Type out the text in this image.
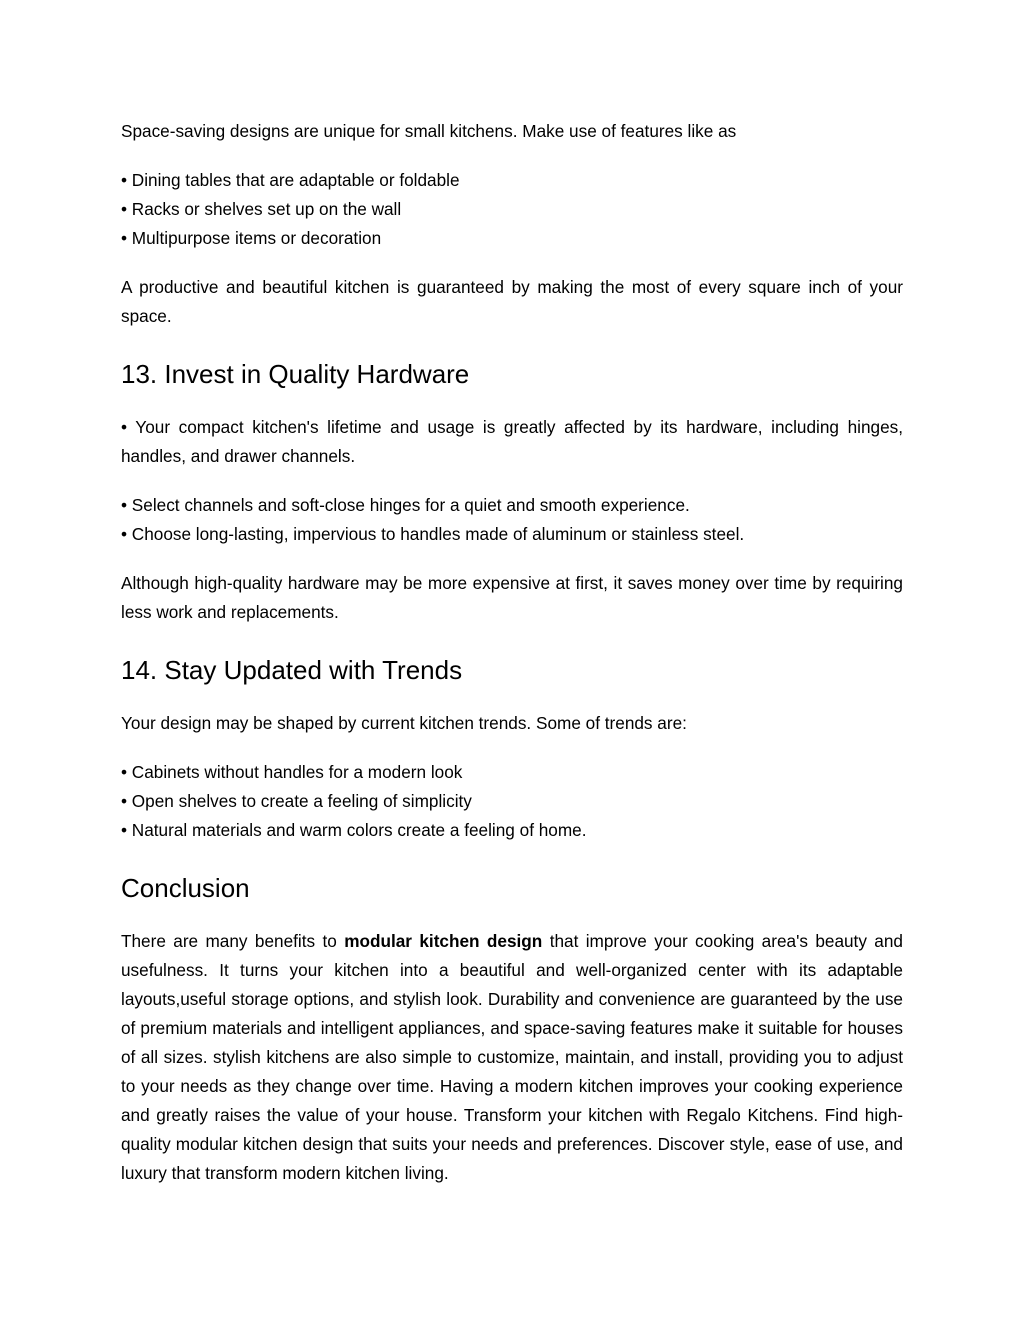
Space-saving designs are unique for small kitchens. Make use of features like as

• Dining tables that are adaptable or foldable
• Racks or shelves set up on the wall
• Multipurpose items or decoration

A productive and beautiful kitchen is guaranteed by making the most of every square inch of your space.

13. Invest in Quality Hardware

• Your compact kitchen's lifetime and usage is greatly affected by its hardware, including hinges, handles, and drawer channels.

• Select channels and soft-close hinges for a quiet and smooth experience.
• Choose long-lasting, impervious to handles made of aluminum or stainless steel.

Although high-quality hardware may be more expensive at first, it saves money over time by requiring less work and replacements.

14. Stay Updated with Trends

Your design may be shaped by current kitchen trends. Some of trends are:

• Cabinets without handles for a modern look
• Open shelves to create a feeling of simplicity
• Natural materials and warm colors create a feeling of home.
Conclusion

There are many benefits to modular kitchen design that improve your cooking area's beauty and usefulness. It turns your kitchen into a beautiful and well-organized center with its adaptable layouts,useful storage options, and stylish look. Durability and convenience are guaranteed by the use of premium materials and intelligent appliances, and space-saving features make it suitable for houses of all sizes. stylish kitchens are also simple to customize, maintain, and install, providing you to adjust to your needs as they change over time. Having a modern kitchen improves your cooking experience and greatly raises the value of your house. Transform your kitchen with Regalo Kitchens. Find high-quality modular kitchen design that suits your needs and preferences. Discover style, ease of use, and luxury that transform modern kitchen living.
